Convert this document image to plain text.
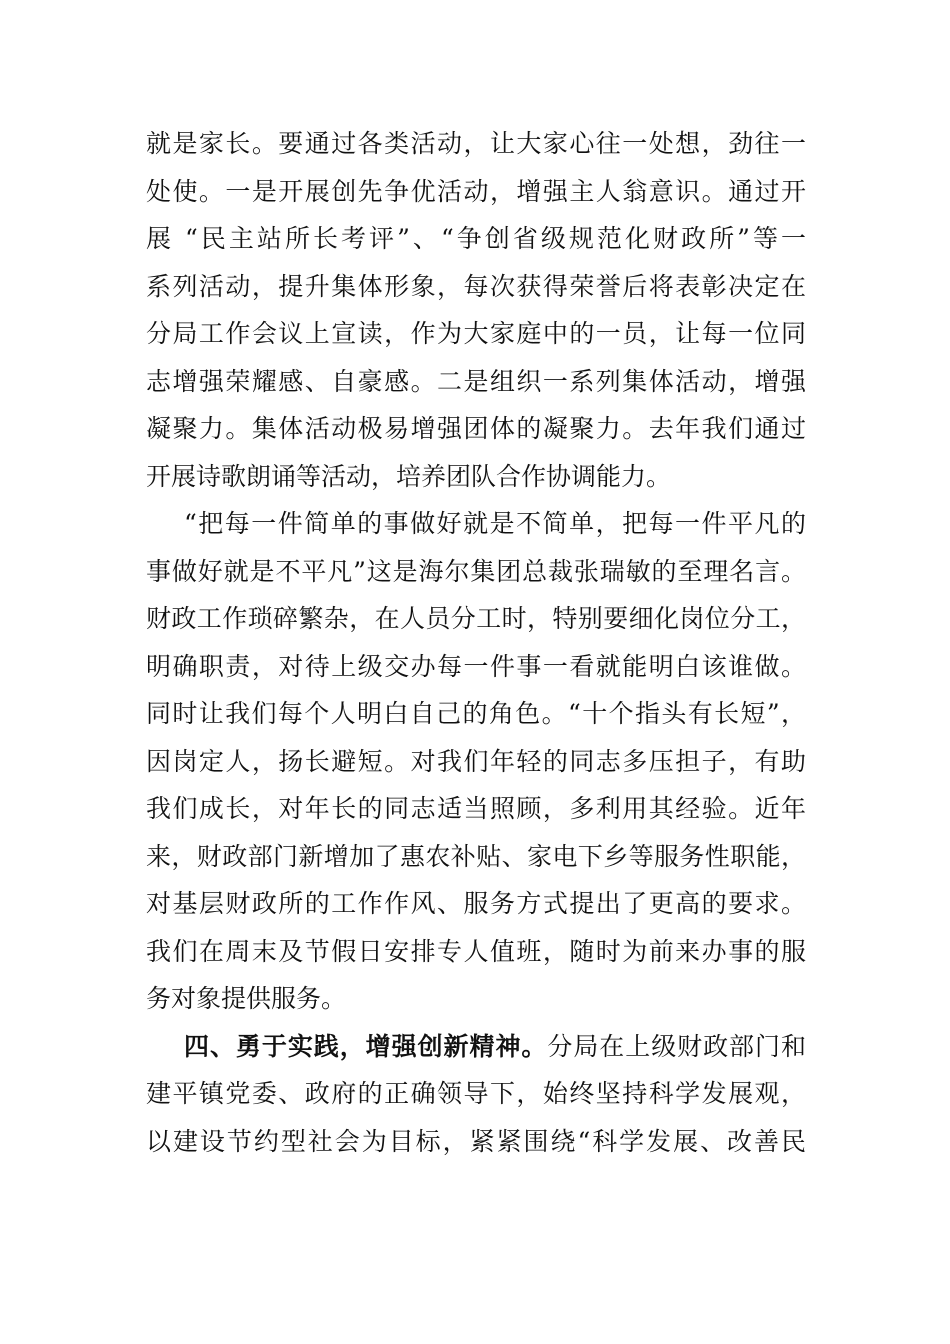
就是家长。要通过各类活动，让大家心往一处想，劲往一
处使。一是开展创先争优活动，增强主人翁意识。通过开
展 “民主站所长考评”、“争创省级规范化财政所”等一
系列活动，提升集体形象，每次获得荣誉后将表彰决定在
分局工作会议上宣读，作为大家庭中的一员，让每一位同
志增强荣耀感、自豪感。二是组织一系列集体活动，增强
凝聚力。集体活动极易增强团体的凝聚力。去年我们通过
开展诗歌朗诵等活动，培养团队合作协调能力。
“把每一件简单的事做好就是不简单，把每一件平凡的
事做好就是不平凡”这是海尔集团总裁张瑞敏的至理名言。
财政工作琐碎繁杂，在人员分工时，特别要细化岗位分工，
明确职责，对待上级交办每一件事一看就能明白该谁做。
同时让我们每个人明白自己的角色。“十个指头有长短”，
因岗定人，扬长避短。对我们年轻的同志多压担子，有助
我们成长，对年长的同志适当照顾，多利用其经验。近年
来，财政部门新增加了惠农补贴、家电下乡等服务性职能，
对基层财政所的工作作风、服务方式提出了更高的要求。
我们在周末及节假日安排专人值班，随时为前来办事的服
务对象提供服务。
四、勇于实践，增强创新精神。分局在上级财政部门和
建平镇党委、政府的正确领导下，始终坚持科学发展观，
以建设节约型社会为目标，紧紧围绕“科学发展、改善民
